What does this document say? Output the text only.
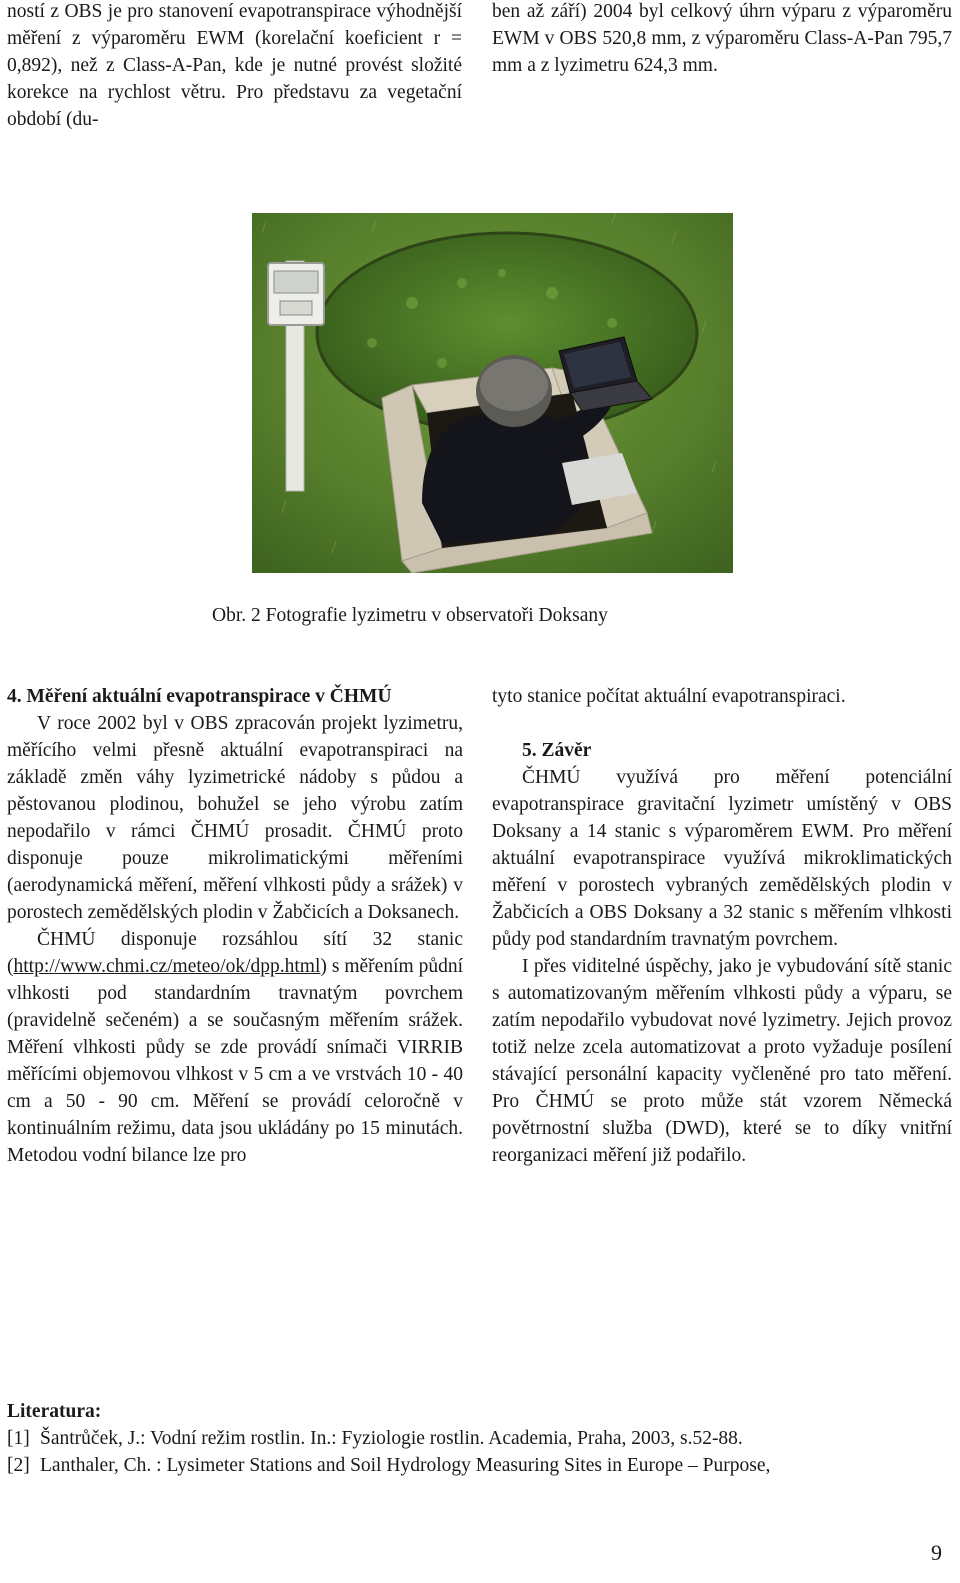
ností z OBS je pro stanovení evapotranspirace výhodnější měření z výparoměru EWM (korelační koeficient r = 0,892), než z Class-A-Pan, kde je nutné provést složité korekce na rychlost větru. Pro představu za vegetační období (du-

ben až září) 2004 byl celkový úhrn výparu z výparoměru EWM v OBS 520,8 mm, z výparoměru Class-A-Pan 795,7 mm a z lyzimetru 624,3 mm.

Obr. 2 Fotografie lyzimetru v observatoři Doksany

4. Měření aktuální evapotranspirace v ČHMÚ

V roce 2002 byl v OBS zpracován projekt lyzimetru, měřícího velmi přesně aktuální evapotranspiraci na základě změn váhy lyzimetrické nádoby s půdou a pěstovanou plodinou, bohužel se jeho výrobu zatím nepodařilo v rámci ČHMÚ prosadit. ČHMÚ proto disponuje pouze mikrolimatickými měřeními (aerodynamická měření, měření vlhkosti půdy a srážek) v porostech zemědělských plodin v Žabčicích a Doksanech.

ČHMÚ disponuje rozsáhlou sítí 32 stanic (http://www.chmi.cz/meteo/ok/dpp.html) s měřením půdní vlhkosti pod standardním travnatým povrchem (pravidelně sečeném) a se současným měřením srážek. Měření vlhkosti půdy se zde provádí snímači VIRRIB měřícími objemovou vlhkost v 5 cm a ve vrstvách 10 - 40 cm a 50 - 90 cm. Měření se provádí celoročně v kontinuálním režimu, data jsou ukládány po 15 minutách. Metodou vodní bilance lze pro

tyto stanice počítat aktuální evapotranspiraci.

5. Závěr

ČHMÚ využívá pro měření potenciální evapotranspirace gravitační lyzimetr umístěný v OBS Doksany a 14 stanic s výparoměrem EWM. Pro měření aktuální evapotranspirace využívá mikroklimatických měření v porostech vybraných zemědělských plodin v Žabčicích a OBS Doksany a 32 stanic s měřením vlhkosti půdy pod standardním travnatým povrchem.

I přes viditelné úspěchy, jako je vybudování sítě stanic s automatizovaným měřením vlhkosti půdy a výparu, se zatím nepodařilo vybudovat nové lyzimetry. Jejich provoz totiž nelze zcela automatizovat a proto vyžaduje posílení stávající personální kapacity vyčleněné pro tato měření. Pro ČHMÚ se proto může stát vzorem Německá povětrnostní služba (DWD), které se to díky vnitřní reorganizaci měření již podařilo.

Literatura:
[1] Šantrůček, J.: Vodní režim rostlin. In.: Fyziologie rostlin. Academia, Praha, 2003, s.52-88.
[2] Lanthaler, Ch. : Lysimeter Stations and Soil Hydrology Measuring Sites in Europe – Purpose,
9
